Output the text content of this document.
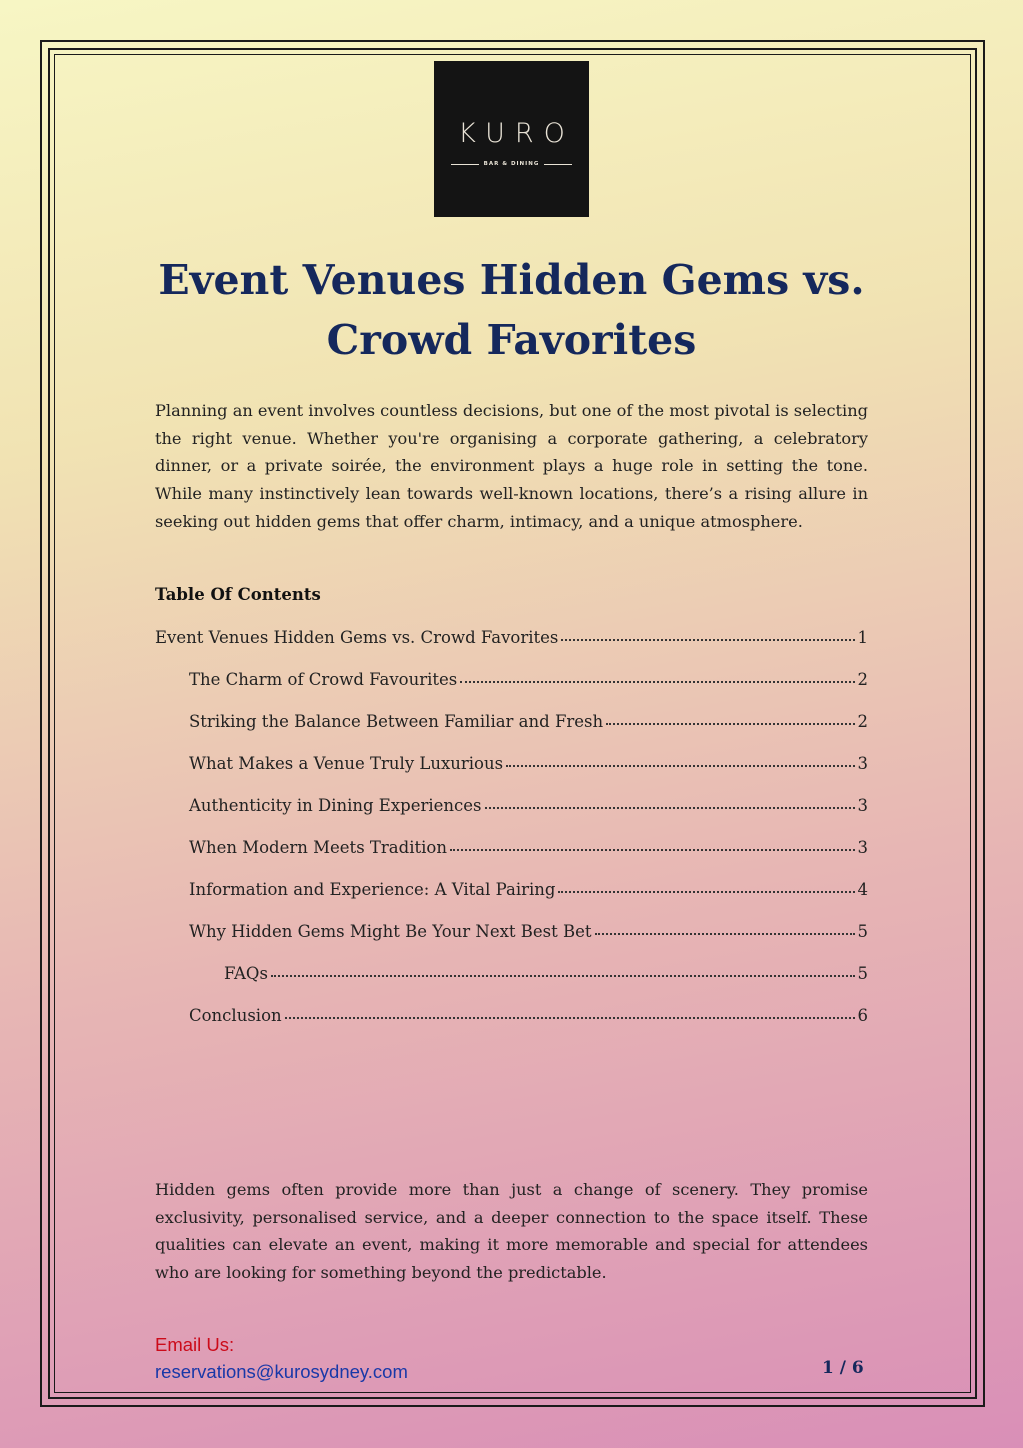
KURO
BAR & DINING
Event Venues Hidden Gems vs. Crowd Favorites

Planning an event involves countless decisions, but one of the most pivotal is selecting the right venue. Whether you're organising a corporate gathering, a celebratory dinner, or a private soirée, the environment plays a huge role in setting the tone. While many instinctively lean towards well-known locations, there’s a rising allure in seeking out hidden gems that offer charm, intimacy, and a unique atmosphere.

Table Of Contents
Event Venues Hidden Gems vs. Crowd Favorites	1
The Charm of Crowd Favourites	2
Striking the Balance Between Familiar and Fresh	2
What Makes a Venue Truly Luxurious	3
Authenticity in Dining Experiences	3
When Modern Meets Tradition	3
Information and Experience: A Vital Pairing	4
Why Hidden Gems Might Be Your Next Best Bet	5
FAQs	5
Conclusion	6

Hidden gems often provide more than just a change of scenery. They promise exclusivity, personalised service, and a deeper connection to the space itself. These qualities can elevate an event, making it more memorable and special for attendees who are looking for something beyond the predictable.

Email Us:

reservations@kurosydney.com	1 / 6
